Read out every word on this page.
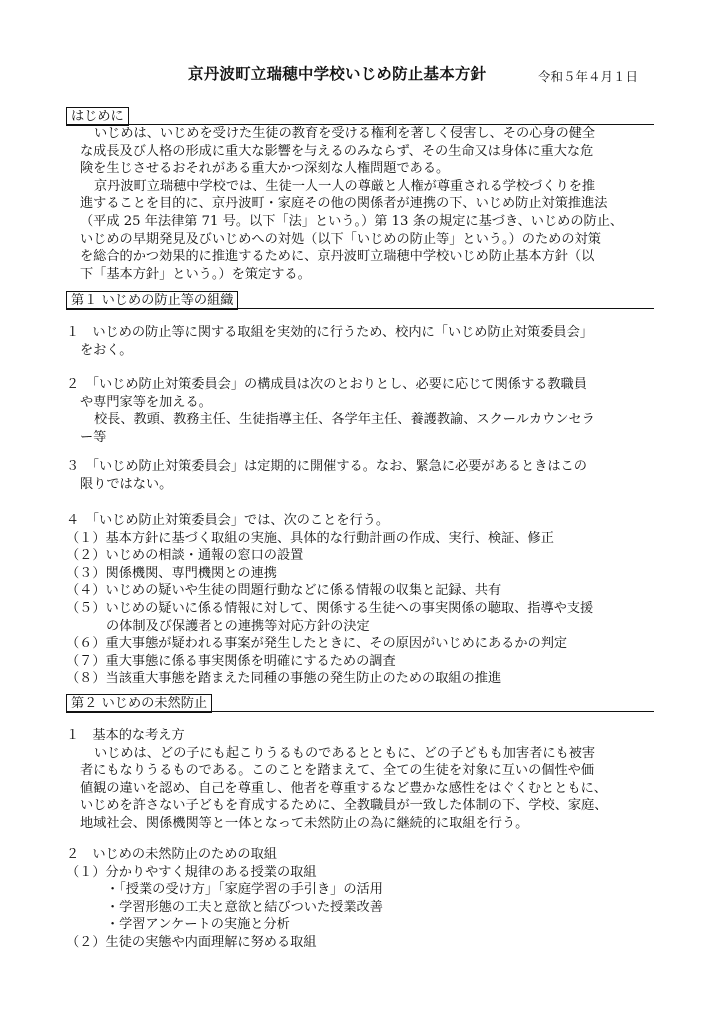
京丹波町立瑞穂中学校いじめ防止基本方針	令和５年４月１日
はじめに
いじめは、いじめを受けた生徒の教育を受ける権利を著しく侵害し、その心身の健全
な成長及び人格の形成に重大な影響を与えるのみならず、その生命又は身体に重大な危
険を生じさせるおそれがある重大かつ深刻な人権問題である。
京丹波町立瑞穂中学校では、生徒一人一人の尊厳と人権が尊重される学校づくりを推
進することを目的に、京丹波町・家庭その他の関係者が連携の下、いじめ防止対策推進法
（平成 25 年法律第 71 号。以下「法」という。）第 13 条の規定に基づき、いじめの防止、
いじめの早期発見及びいじめへの対処（以下「いじめの防止等」という。）のための対策
を総合的かつ効果的に推進するために、京丹波町立瑞穂中学校いじめ防止基本方針（以
下「基本方針」という。）を策定する。
第１ いじめの防止等の組織
１　いじめの防止等に関する取組を実効的に行うため、校内に「いじめ防止対策委員会」
をおく。
２　「いじめ防止対策委員会」の構成員は次のとおりとし、必要に応じて関係する教職員
や専門家等を加える。
校長、教頭、教務主任、生徒指導主任、各学年主任、養護教諭、スクールカウンセラ
ー等
３　「いじめ防止対策委員会」は定期的に開催する。なお、緊急に必要があるときはこの
限りではない。
４　「いじめ防止対策委員会」では、次のことを行う。
（１）基本方針に基づく取組の実施、具体的な行動計画の作成、実行、検証、修正
（２）いじめの相談・通報の窓口の設置
（３）関係機関、専門機関との連携
（４）いじめの疑いや生徒の問題行動などに係る情報の収集と記録、共有
（５）いじめの疑いに係る情報に対して、関係する生徒への事実関係の聴取、指導や支援
の体制及び保護者との連携等対応方針の決定
（６）重大事態が疑われる事案が発生したときに、その原因がいじめにあるかの判定
（７）重大事態に係る事実関係を明確にするための調査
（８）当該重大事態を踏まえた同種の事態の発生防止のための取組の推進
第２ いじめの未然防止
１　基本的な考え方
いじめは、どの子にも起こりうるものであるとともに、どの子どもも加害者にも被害
者にもなりうるものである。このことを踏まえて、全ての生徒を対象に互いの個性や価
値観の違いを認め、自己を尊重し、他者を尊重するなど豊かな感性をはぐくむとともに、
いじめを許さない子どもを育成するために、全教職員が一致した体制の下、学校、家庭、
地域社会、関係機関等と一体となって未然防止の為に継続的に取組を行う。
２　いじめの未然防止のための取組
（１）分かりやすく規律のある授業の取組
・「授業の受け方」「家庭学習の手引き」の活用
・学習形態の工夫と意欲と結びついた授業改善
・学習アンケートの実施と分析
（２）生徒の実態や内面理解に努める取組
